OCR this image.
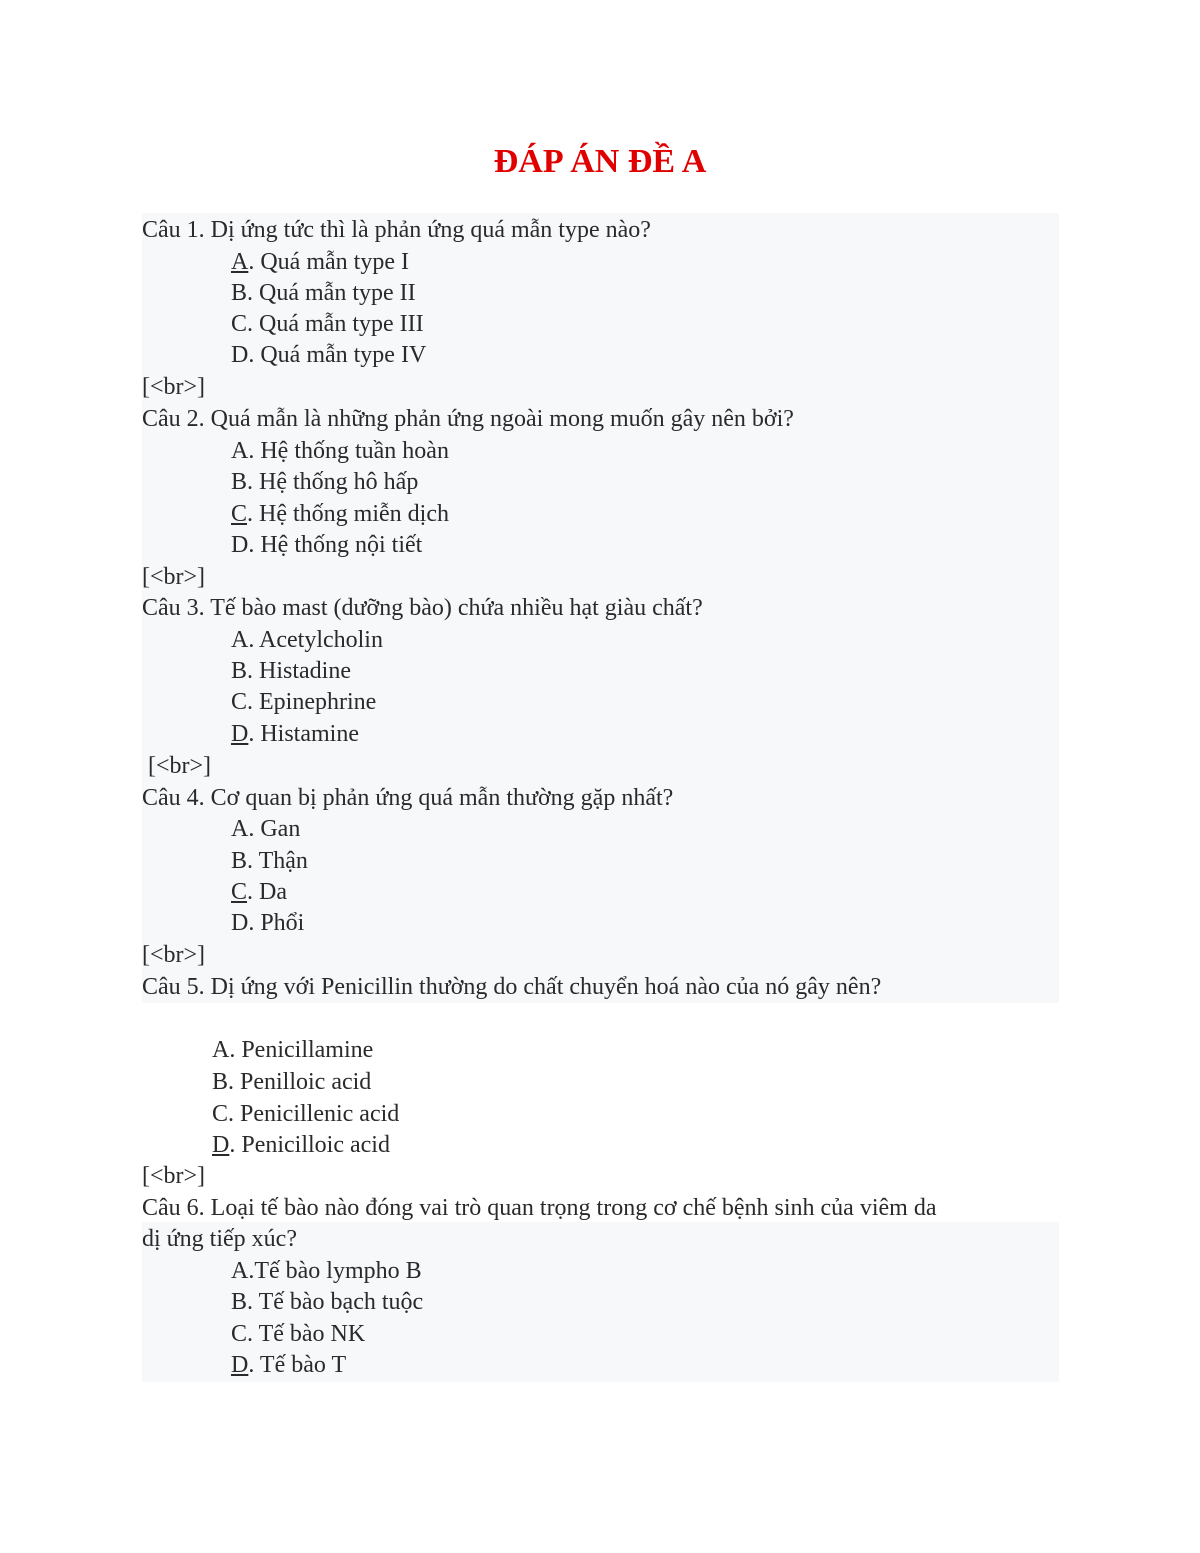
ĐÁP ÁN ĐỀ A
Câu 1. Dị ứng tức thì là phản ứng quá mẫn type nào?
A. Quá mẫn type I
B. Quá mẫn type II
C. Quá mẫn type III
D. Quá mẫn type IV
[<br>]
Câu 2. Quá mẫn là những phản ứng ngoài mong muốn gây nên bởi?
A. Hệ thống tuần hoàn
B. Hệ thống hô hấp
C. Hệ thống miễn dịch
D. Hệ thống nội tiết
[<br>]
Câu 3. Tế bào mast (dưỡng bào) chứa nhiều hạt giàu chất?
A. Acetylcholin
B. Histadine
C. Epinephrine
D. Histamine
[<br>]
Câu 4. Cơ quan bị phản ứng quá mẫn thường gặp nhất?
A. Gan
B. Thận
C. Da
D. Phổi
[<br>]
Câu 5. Dị ứng với Penicillin thường do chất chuyển hoá nào của nó gây nên?
A. Penicillamine
B. Penilloic acid
C. Penicillenic acid
D. Penicilloic acid
[<br>]
Câu 6. Loại tế bào nào đóng vai trò quan trọng trong cơ chế bệnh sinh của viêm da
dị ứng tiếp xúc?
A.Tế bào lympho B
B. Tế bào bạch tuộc
C. Tế bào NK
D. Tế bào T
